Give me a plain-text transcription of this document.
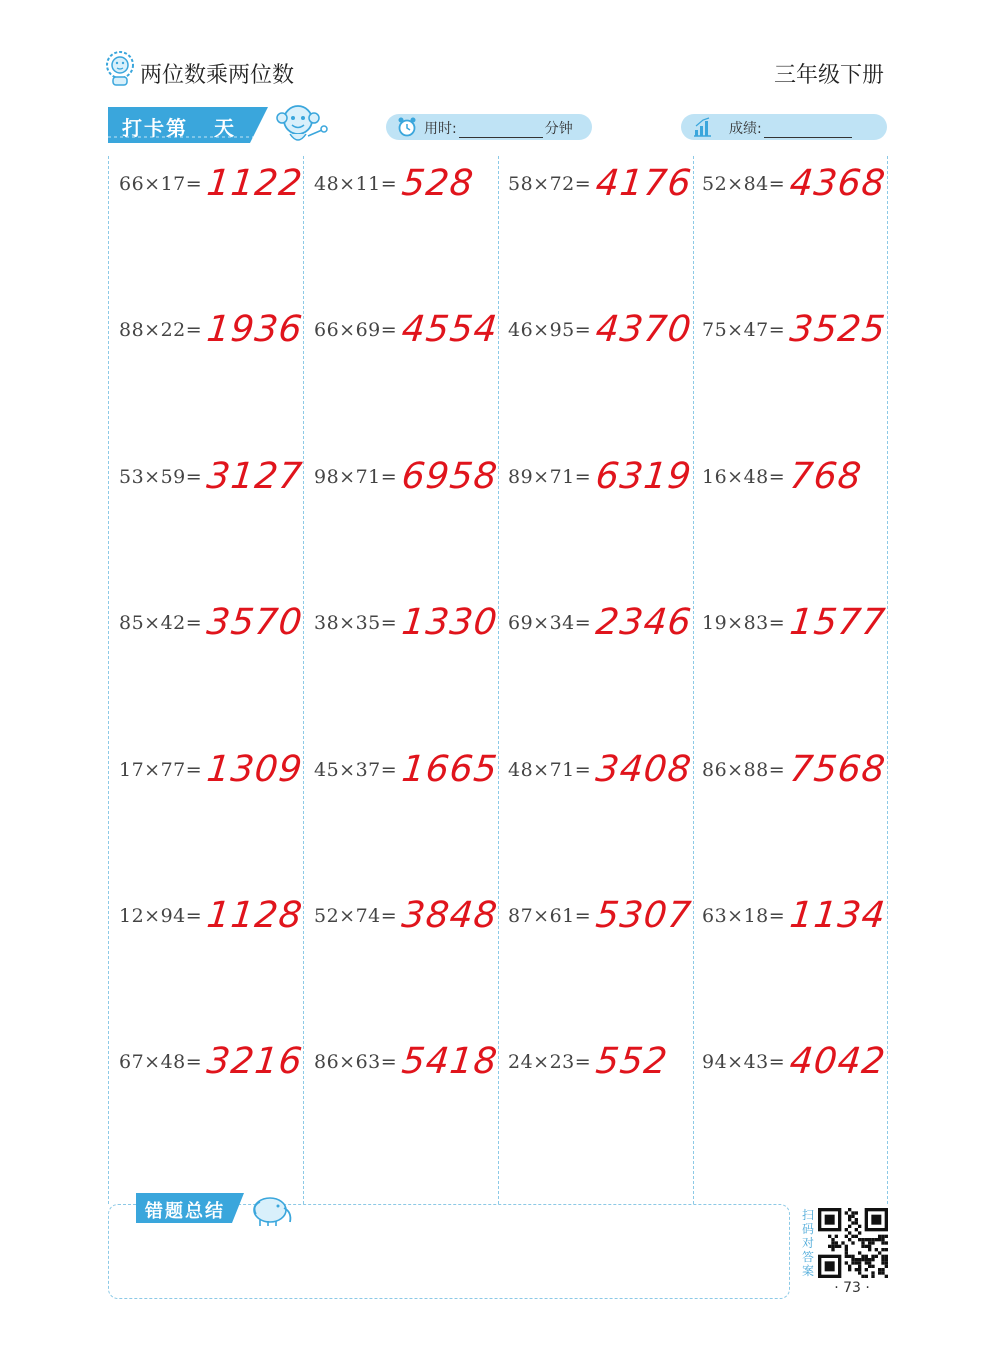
两位数乘两位数	三年级下册
打卡第 天	用时:	分钟	成绩:
66×17= 1122
88×22= 1936
53×59= 3127
85×42= 3570
17×77= 1309
12×94= 1128
67×48= 3216
48×11= 528
66×69= 4554
98×71= 6958
38×35= 1330
45×37= 1665
52×74= 3848
86×63= 5418
58×72= 4176
46×95= 4370
89×71= 6319
69×34= 2346
48×71= 3408
87×61= 5307
24×23= 552
52×84= 4368
75×47= 3525
16×48= 768
19×83= 1577
86×88= 7568
63×18= 1134
94×43= 4042
错题总结	扫
码
对
答
案
· 73 ·
